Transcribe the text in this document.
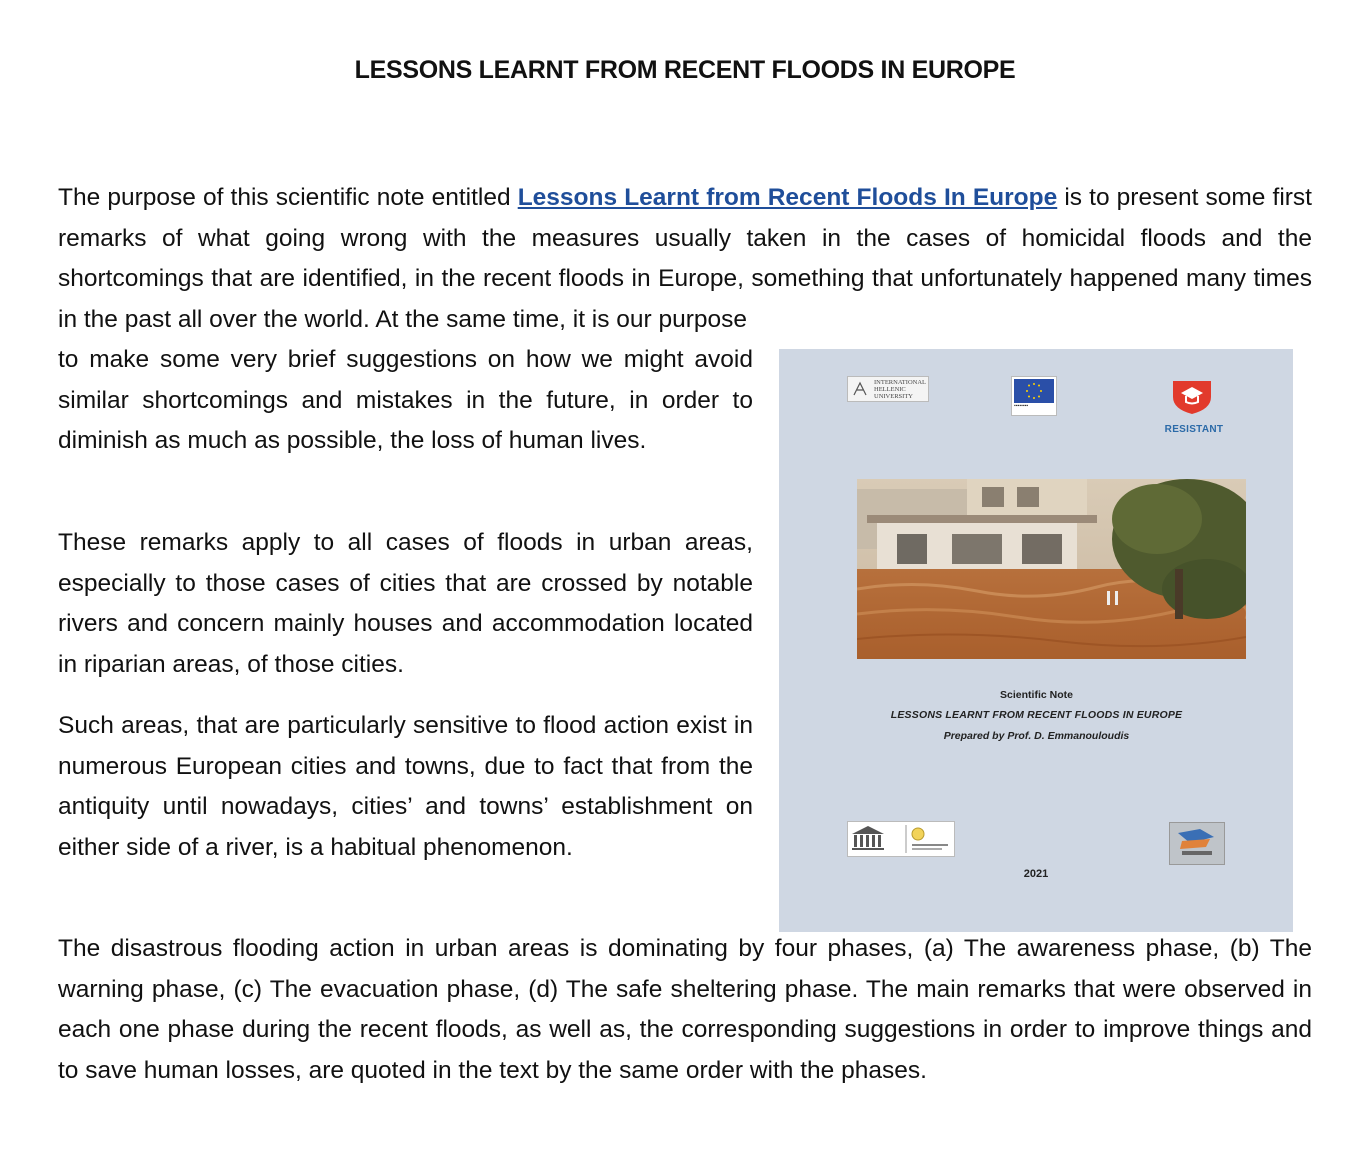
LESSONS LEARNT FROM RECENT FLOODS IN EUROPE

The purpose of this scientific note entitled Lessons Learnt from Recent Floods In Europe is to present some first remarks of what going wrong with the measures usually taken in the cases of homicidal floods and the shortcomings that are identified, in the recent floods in Europe, something that unfortunately happened many times in the past all over the world. At the same time, it is our purpose

to make some very brief suggestions on how we might avoid similar shortcomings and mistakes in the future, in order to diminish as much as possible, the loss of human lives.

These remarks apply to all cases of floods in urban areas, especially to those cases of cities that are crossed by notable rivers and concern mainly houses and accommodation located in riparian areas, of those cities.

Such areas, that are particularly sensitive to flood action exist in numerous European cities and towns, due to fact that from the antiquity until nowadays, cities’ and towns’ establishment on either side of a river, is a habitual phenomenon.

The disastrous flooding action in urban areas is dominating by four phases, (a) The awareness phase, (b) The warning phase, (c) The evacuation phase, (d) The safe sheltering phase. The main remarks that were observed in each one phase during the recent floods, as well as, the corresponding suggestions in order to improve things and to save human losses, are quoted in the text by the same order with the phases.

INTERNATIONAL HELLENIC UNIVERSITY
▪▪▪▪▪▪▪▪
RESISTANT
Scientific Note
LESSONS LEARNT FROM RECENT FLOODS IN EUROPE
Prepared by Prof. D. Emmanouloudis
2021
